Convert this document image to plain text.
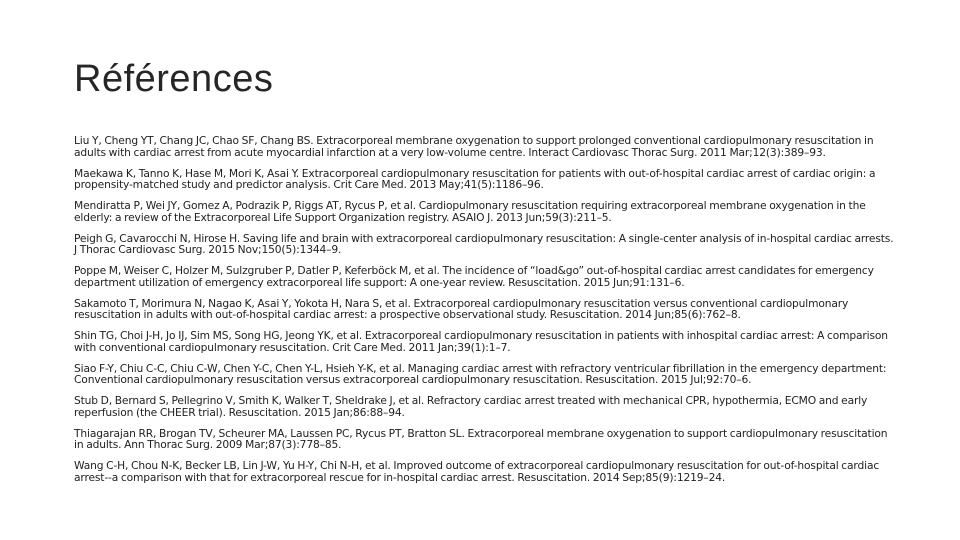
Références
Liu Y, Cheng YT, Chang JC, Chao SF, Chang BS. Extracorporeal membrane oxygenation to support prolonged conventional cardiopulmonary resuscitation in adults with cardiac arrest from acute myocardial infarction at a very low-volume centre. Interact Cardiovasc Thorac Surg. 2011 Mar;12(3):389–93.
Maekawa K, Tanno K, Hase M, Mori K, Asai Y. Extracorporeal cardiopulmonary resuscitation for patients with out-of-hospital cardiac arrest of cardiac origin: a propensity-matched study and predictor analysis. Crit Care Med. 2013 May;41(5):1186–96.
Mendiratta P, Wei JY, Gomez A, Podrazik P, Riggs AT, Rycus P, et al. Cardiopulmonary resuscitation requiring extracorporeal membrane oxygenation in the elderly: a review of the Extracorporeal Life Support Organization registry. ASAIO J. 2013 Jun;59(3):211–5.
Peigh G, Cavarocchi N, Hirose H. Saving life and brain with extracorporeal cardiopulmonary resuscitation: A single-center analysis of in-hospital cardiac arrests. J Thorac Cardiovasc Surg. 2015 Nov;150(5):1344–9.
Poppe M, Weiser C, Holzer M, Sulzgruber P, Datler P, Keferböck M, et al. The incidence of “load&go” out-of-hospital cardiac arrest candidates for emergency department utilization of emergency extracorporeal life support: A one-year review. Resuscitation. 2015 Jun;91:131–6.
Sakamoto T, Morimura N, Nagao K, Asai Y, Yokota H, Nara S, et al. Extracorporeal cardiopulmonary resuscitation versus conventional cardiopulmonary resuscitation in adults with out-of-hospital cardiac arrest: a prospective observational study. Resuscitation. 2014 Jun;85(6):762–8.
Shin TG, Choi J-H, Jo IJ, Sim MS, Song HG, Jeong YK, et al. Extracorporeal cardiopulmonary resuscitation in patients with inhospital cardiac arrest: A comparison with conventional cardiopulmonary resuscitation. Crit Care Med. 2011 Jan;39(1):1–7.
Siao F-Y, Chiu C-C, Chiu C-W, Chen Y-C, Chen Y-L, Hsieh Y-K, et al. Managing cardiac arrest with refractory ventricular fibrillation in the emergency department: Conventional cardiopulmonary resuscitation versus extracorporeal cardiopulmonary resuscitation. Resuscitation. 2015 Jul;92:70–6.
Stub D, Bernard S, Pellegrino V, Smith K, Walker T, Sheldrake J, et al. Refractory cardiac arrest treated with mechanical CPR, hypothermia, ECMO and early reperfusion (the CHEER trial). Resuscitation. 2015 Jan;86:88–94.
Thiagarajan RR, Brogan TV, Scheurer MA, Laussen PC, Rycus PT, Bratton SL. Extracorporeal membrane oxygenation to support cardiopulmonary resuscitation in adults. Ann Thorac Surg. 2009 Mar;87(3):778–85.
Wang C-H, Chou N-K, Becker LB, Lin J-W, Yu H-Y, Chi N-H, et al. Improved outcome of extracorporeal cardiopulmonary resuscitation for out-of-hospital cardiac arrest--a comparison with that for extracorporeal rescue for in-hospital cardiac arrest. Resuscitation. 2014 Sep;85(9):1219–24.
